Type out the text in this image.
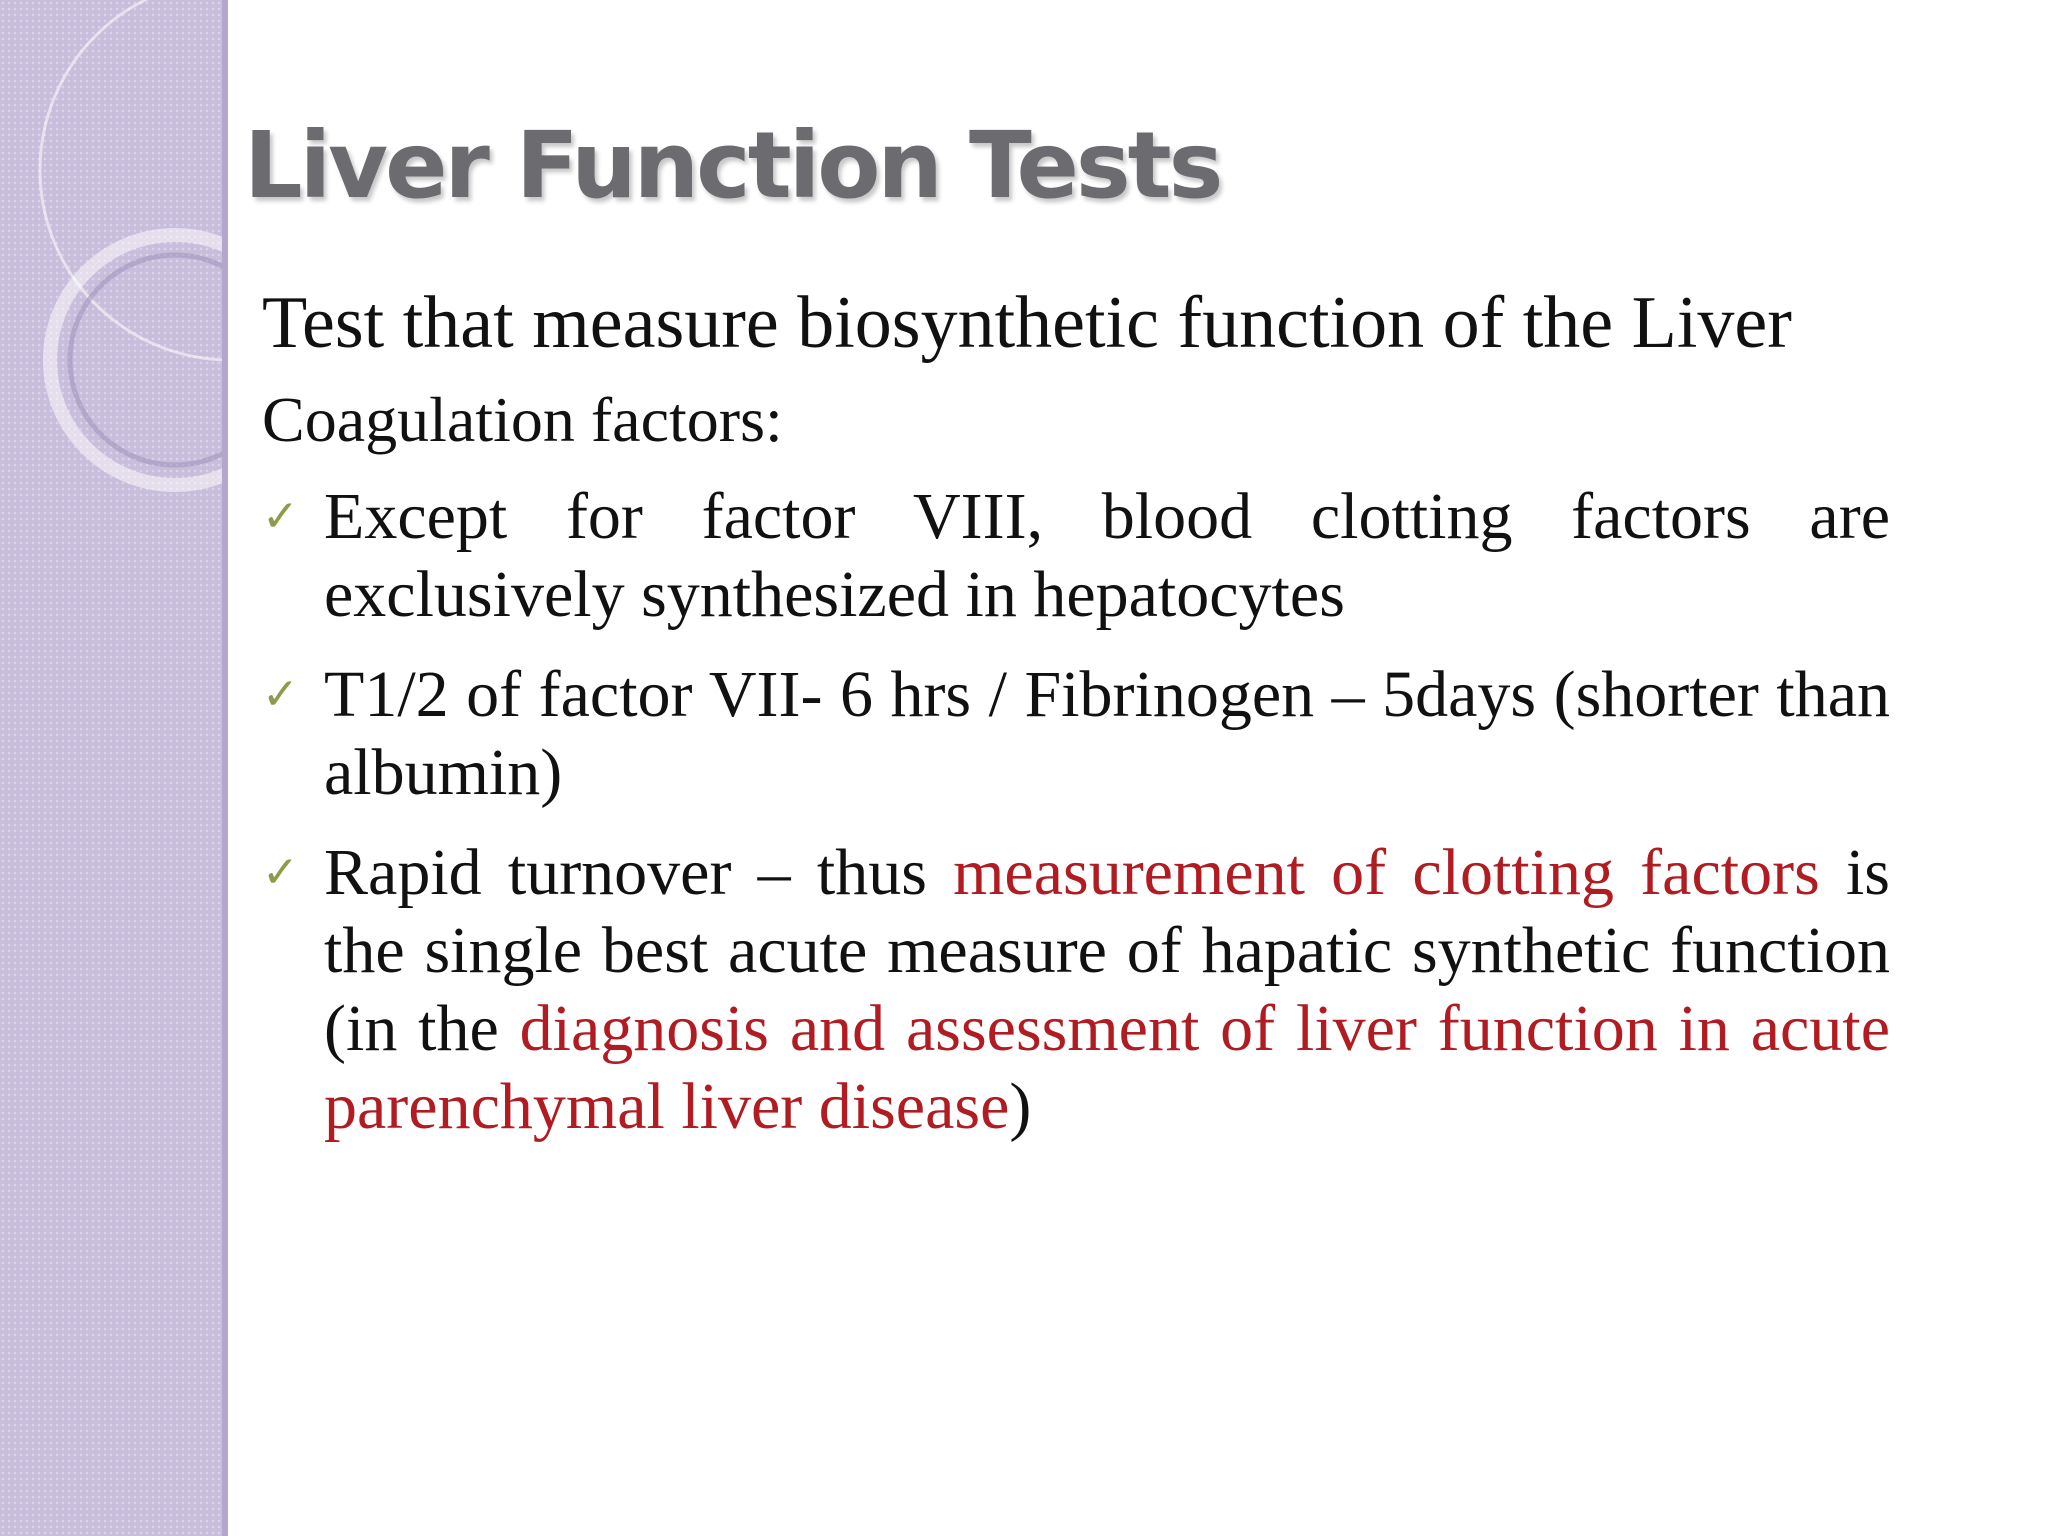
Liver Function Tests

Test that measure biosynthetic function of the Liver

Coagulation factors:

✓ Except for factor VIII, blood clotting factors are exclusively synthesized in hepatocytes
✓ T1/2 of factor VII- 6 hrs / Fibrinogen – 5days (shorter than albumin)
✓ Rapid turnover – thus measurement of clotting factors is the single best acute measure of hapatic synthetic function (in the diagnosis and assessment of liver function in acute parenchymal liver disease)
